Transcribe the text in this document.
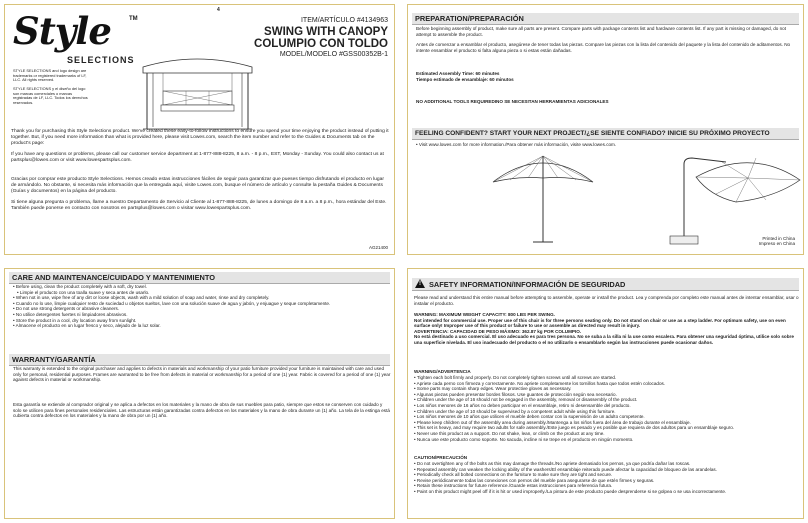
Style	TM
SELECTIONS
4
STYLE SELECTIONS and logo design are trademarks or registered trademarks of LF, LLC. All rights reserved.
STYLE SELECTIONS y el diseño del logo son marcas comerciales o marcas registradas de LF, LLC. Todos los derechos reservados.
ITEM/ARTÍCULO #4134963
SWING WITH CANOPY
COLUMPIO CON TOLDO
MODEL/MODELO #GSS00352B-1

Thank you for purchasing this Style Selections product. We've created these easy-to-follow instructions to ensure you spend your time enjoying the product instead of putting it together. But, if you need more information than what is provided here, please visit Lowes.com, search the item number and refer to the Guides & Documents tab on the product's page:

If you have any questions or problems, please call our customer service department at 1-877-888-8225, 8 a.m. - 8 p.m., EST, Monday - Sunday. You could also contact us at partsplus@lowes.com or visit www.lowespartsplus.com.

Gracias por comprar este producto Style Selections. Hemos creado estas instrucciones fáciles de seguir para garantizar que pueses tiempo disfrutando el producto en lugar de armándolo. No obstante, si necesita más información que la entregada aquí, visite Lowes.com, busque el número de artículo y consulte la pestaña Guides & Documents (Guías y documentos) en la página del producto.

Si tiene alguna pregunta o problema, llame a nuestro Departamento de Servicio al Cliente al 1-877-888-8225, de lunes a domingo de 8 a.m. a 8 p.m., hora estándar del Este.

También puede ponerse en contacto con nosotros en partsplus@lowes.com o visitar www.lowespartsplus.com.

AG21400
PREPARATION/PREPARACIÓN
Before beginning assembly of product, make sure all parts are present. Compare parts with package contents list and hardware contents list. If any part is missing or damaged, do not attempt to assemble the product.
Antes de comenzar a ensamblar el producto, asegúrese de tener todas las piezas. Compare las piezas con la lista del contenido del paquete y la lista del contenido de aditamentos. No intente ensamblar el producto si falta alguna pieza o si estas están dañadas.
Estimated Assembly Time: 60 minutes
Tiempo estimado de ensamblaje: 60 minutos
NO ADDITIONAL TOOLS REQUIREDINO SE NECESITAN HERRAMIENTAS ADICIONALES
FEELING CONFIDENT? START YOUR NEXT PROJECT/¿SE SIENTE CONFIADO? INICIE SU PRÓXIMO PROYECTO
• Visit www.lowes.com for more information./Para obtener más información, visite www.lowes.com.
Printed in China
Impreso en China
CARE AND MAINTENANCE/CUIDADO Y MANTENIMIENTO
• Before using, clean the product completely with a soft, dry towel.
• Limpie el producto con una toalla suave y seca antes de usarlo.
• When not in use, wipe free of any dirt or loose objects, wash with a mild solution of soap and water, rinse and dry completely.
• Cuando no lo use, limpie cualquier resto de suciedad u objetos sueltos, lave con una solución suave de agua y jabón, y enjuague y seque completamente.
• Do not use strong detergents or abrasive cleaners.
• No utilice detergentes fuertes ni limpiadores abrasivos.
• Store the product in a cool, dry location away from sunlight.
• Almacene el producto en un lugar fresco y seco, alejado de la luz solar.
WARRANTY/GARANTÍA
This warranty is extended to the original purchaser and applies to defects in materials and workmanship of your patio furniture provided your furniture is maintained with care and used only for personal, residential purposes. Frames are warranted to be free from defects in material or workmanship for a period of one (1) year. Fabric is covered for a period of one (1) year against defects in material or workmanship.
Esta garantía se extiende al comprador original y se aplica a defectos en los materiales y la mano de obra de sus muebles para patio, siempre que estos se conserven con cuidado y solo se utilicen para fines personales residenciales. Las estructuras están garantizadas contra defectos en los materiales y la mano de obra durante un (1) año. La tela de la estinga está cubierta contra defectos en los materiales y la mano de obra por un (1) año.
!SAFETY INFORMATION/INFORMACIÓN DE SEGURIDAD
Please read and understand this entire manual before attempting to assemble, operate or install the product. Lea y comprenda por completo este manual antes de intentar ensamblar, usar o instalar el producto.
WARNING: MAXIMUM WEIGHT CAPACITY: 800 LBS PER SWING.
Not intended for commercial use. Proper use of this chair is for three persons seating only. Do not stand on chair or use as a step ladder. For optimum safety, use on even surface only! Improper use of this product or failure to use or assemble as directed may result in injury.
ADVERTENCIA: CAPACIDAD DE PESO MÁXIMO: 362.87 kg POR COLUMPIO.
No está destinado a uso comercial. El uso adecuado es para tres persona. No se suba a la silla ni la use como escalera. Para obtener una seguridad óptima, utilice solo sobre una superficie nivelada. El uso inadecuado del producto o el no utilizarlo o ensamblarlo según las instrucciones puede ocasionar daños.
WARNING/ADVERTENCIA
• Tighten each bolt firmly and properly. Do not completely tighten screws until all screws are started.
• Apriete cada perno con firmeza y correctamente. No apriete completamente los tornillos hasta que todos estén colocados.
• Some parts may contain sharp edges. Wear protective gloves as necessary.
• Algunas piezas pueden presentar bordes filosos. Use guantes de protección según sea necesario.
• Children under the age of 16 should not be engaged in the assembly, removal or disassembly of the product.
• Los niños menores de 16 años no deben participar en el ensamblaje, retiro ni desensamble del producto.
• Children under the age of 10 should be supervised by a competent adult while using this furniture.
• Los niños menores de 10 años que utilicen el mueble deben contar con la supervisión de un adulto competente.
• Please keep children out of the assembly area during assembly./Mantenga a los niños fuera del área de trabajo durante el ensamblaje.
• This set is heavy, and may require two adults for safe assembly./Este juego es pesado y es posible que requiera de dos adultos para un ensamblaje seguro.
• Never use this product as a support. Do not shake, lean, or climb on the product at any time.
• Nunca use este producto como soporte. No sacuda, incline ni se trepe en el producto en ningún momento.
CAUTION/PRECAUCIÓN
• Do not overtighten any of the bolts as this may damage the threads./No apriete demasiado los pernos, ya que podría dañar las roscas.
• Repeated assembly can weaken the locking ability of the washers/El ensamblaje reiterado puede afectar la capacidad de bloqueo de las arandelas.
• Periodically check all bolted connections on the furniture to make sure they are tight and secure.
• Revise periódicamente todas las conexiones con pernos del mueble para asegurarse de que estén firmes y seguras.
• Retain these instructions for future reference./Guarde estas instrucciones para referencia futura.
• Paint on this product might peel off if it is hit or used improperly./La pintura de este producto puede desprenderse si se golpea o se usa incorrectamente.
